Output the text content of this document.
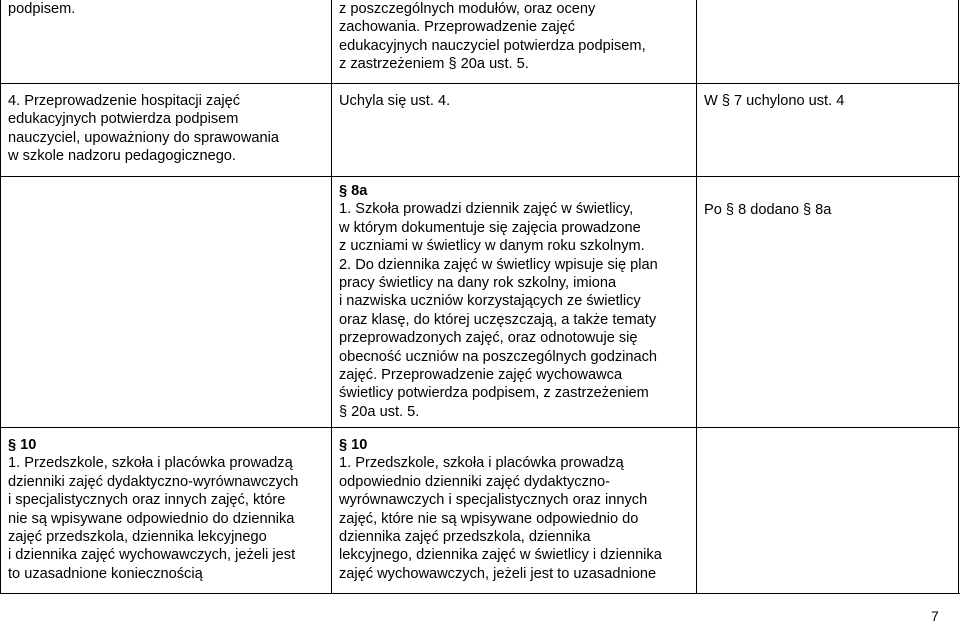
podpisem.	z poszczególnych modułów, oraz oceny

zachowania. Przeprowadzenie zajęć

edukacyjnych nauczyciel potwierdza podpisem,

z zastrzeżeniem § 20a ust. 5.

4. Przeprowadzenie hospitacji zajęć

edukacyjnych potwierdza podpisem

nauczyciel, upoważniony do sprawowania

w szkole nadzoru pedagogicznego.

Uchyla się ust. 4.	W § 7 uchylono ust. 4

§ 8a

1. Szkoła prowadzi dziennik zajęć w świetlicy,

w którym dokumentuje się zajęcia prowadzone

z uczniami w świetlicy w danym roku szkolnym.

2. Do dziennika zajęć w świetlicy wpisuje się plan

pracy świetlicy na dany rok szkolny, imiona

i nazwiska uczniów korzystających ze świetlicy

oraz klasę, do której uczęszczają, a także tematy

przeprowadzonych zajęć, oraz odnotowuje się

obecność uczniów na poszczególnych godzinach

zajęć. Przeprowadzenie zajęć wychowawca

świetlicy potwierdza podpisem, z zastrzeżeniem

§ 20a ust. 5.

Po § 8 dodano § 8a

§ 10

1. Przedszkole, szkoła i placówka prowadzą

dzienniki zajęć dydaktyczno-wyrównawczych

i specjalistycznych oraz innych zajęć, które

nie są wpisywane odpowiednio do dziennika

zajęć przedszkola, dziennika lekcyjnego

i dziennika zajęć wychowawczych, jeżeli jest

to uzasadnione koniecznością

§ 10

1. Przedszkole, szkoła i placówka prowadzą

odpowiednio dzienniki zajęć dydaktyczno-

wyrównawczych i specjalistycznych oraz innych

zajęć, które nie są wpisywane odpowiednio do

dziennika zajęć przedszkola, dziennika

lekcyjnego, dziennika zajęć w świetlicy i dziennika

zajęć wychowawczych, jeżeli jest to uzasadnione

7
